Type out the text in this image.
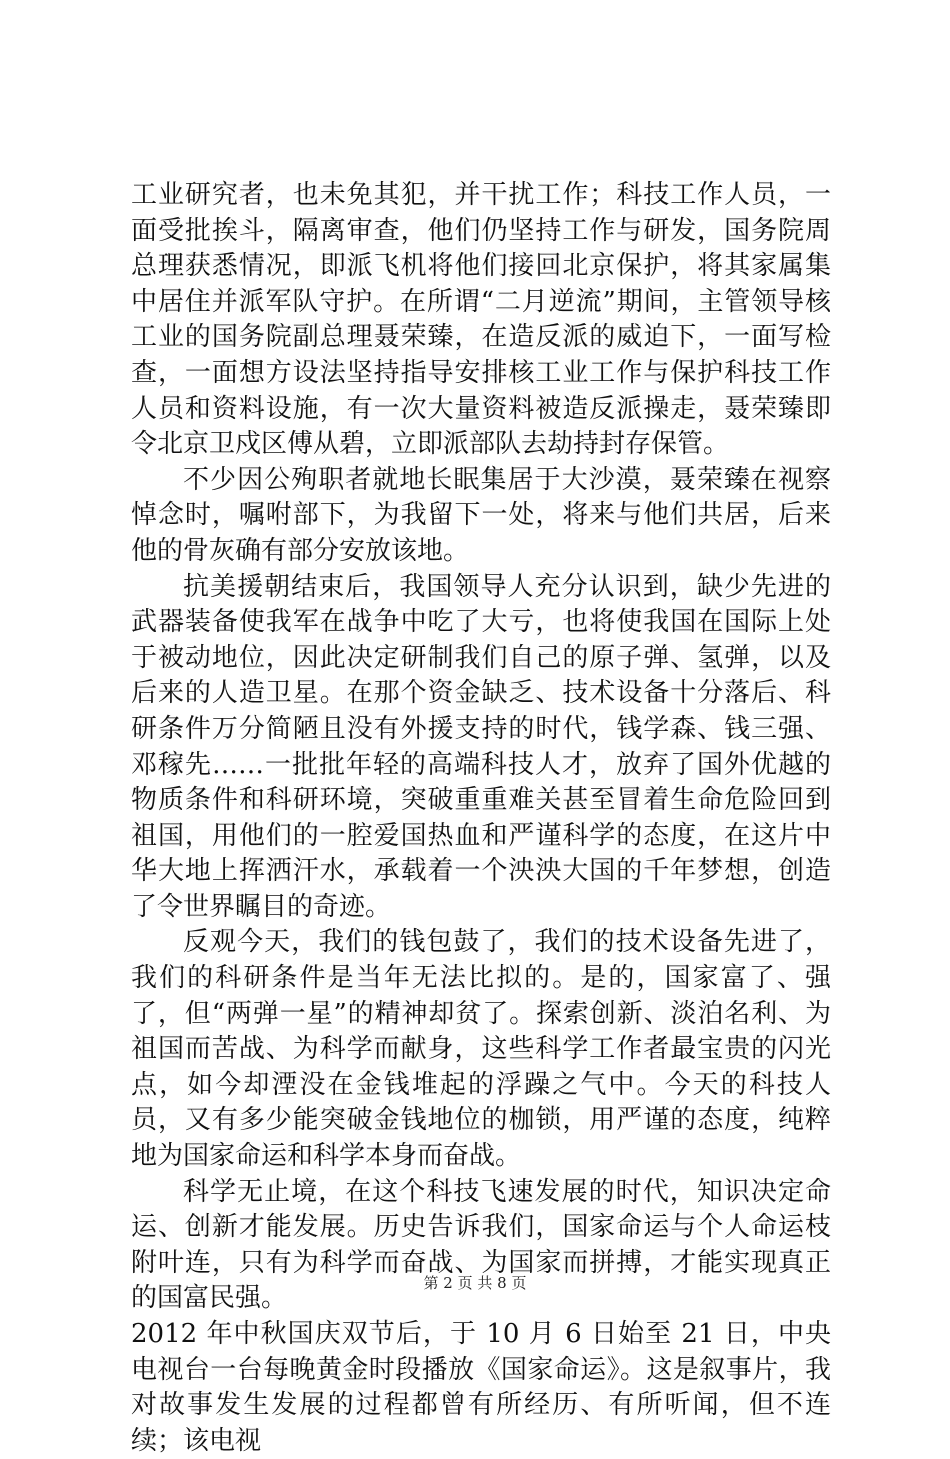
工业研究者，也未免其犯，并干扰工作；科技工作人员，一面受批挨斗，隔离审查，他们仍坚持工作与研发，国务院周总理获悉情况，即派飞机将他们接回北京保护，将其家属集中居住并派军队守护。在所谓“二月逆流”期间，主管领导核工业的国务院副总理聂荣臻，在造反派的威迫下，一面写检查，一面想方设法坚持指导安排核工业工作与保护科技工作人员和资料设施，有一次大量资料被造反派操走，聂荣臻即令北京卫戍区傅从碧，立即派部队去劫持封存保管。

不少因公殉职者就地长眠集居于大沙漠，聂荣臻在视察悼念时，嘱咐部下，为我留下一处，将来与他们共居，后来他的骨灰确有部分安放该地。

抗美援朝结束后，我国领导人充分认识到，缺少先进的武器装备使我军在战争中吃了大亏，也将使我国在国际上处于被动地位，因此决定研制我们自己的原子弹、氢弹，以及后来的人造卫星。在那个资金缺乏、技术设备十分落后、科研条件万分简陋且没有外援支持的时代，钱学森、钱三强、邓稼先……一批批年轻的高端科技人才，放弃了国外优越的物质条件和科研环境，突破重重难关甚至冒着生命危险回到祖国，用他们的一腔爱国热血和严谨科学的态度，在这片中华大地上挥洒汗水，承载着一个泱泱大国的千年梦想，创造了令世界瞩目的奇迹。

反观今天，我们的钱包鼓了，我们的技术设备先进了，我们的科研条件是当年无法比拟的。是的，国家富了、强了，但“两弹一星”的精神却贫了。探索创新、淡泊名利、为祖国而苦战、为科学而献身，这些科学工作者最宝贵的闪光点，如今却湮没在金钱堆起的浮躁之气中。今天的科技人员，又有多少能突破金钱地位的枷锁，用严谨的态度，纯粹地为国家命运和科学本身而奋战。

科学无止境，在这个科技飞速发展的时代，知识决定命运、创新才能发展。历史告诉我们，国家命运与个人命运枝附叶连，只有为科学而奋战、为国家而拼搏，才能实现真正的国富民强。

2012 年中秋国庆双节后，于 10 月 6 日始至 21 日，中央电视台一台每晚黄金时段播放《国家命运》。这是叙事片，我对故事发生发展的过程都曾有所经历、有所听闻，但不连续；该电视

第 2 页 共 8 页
